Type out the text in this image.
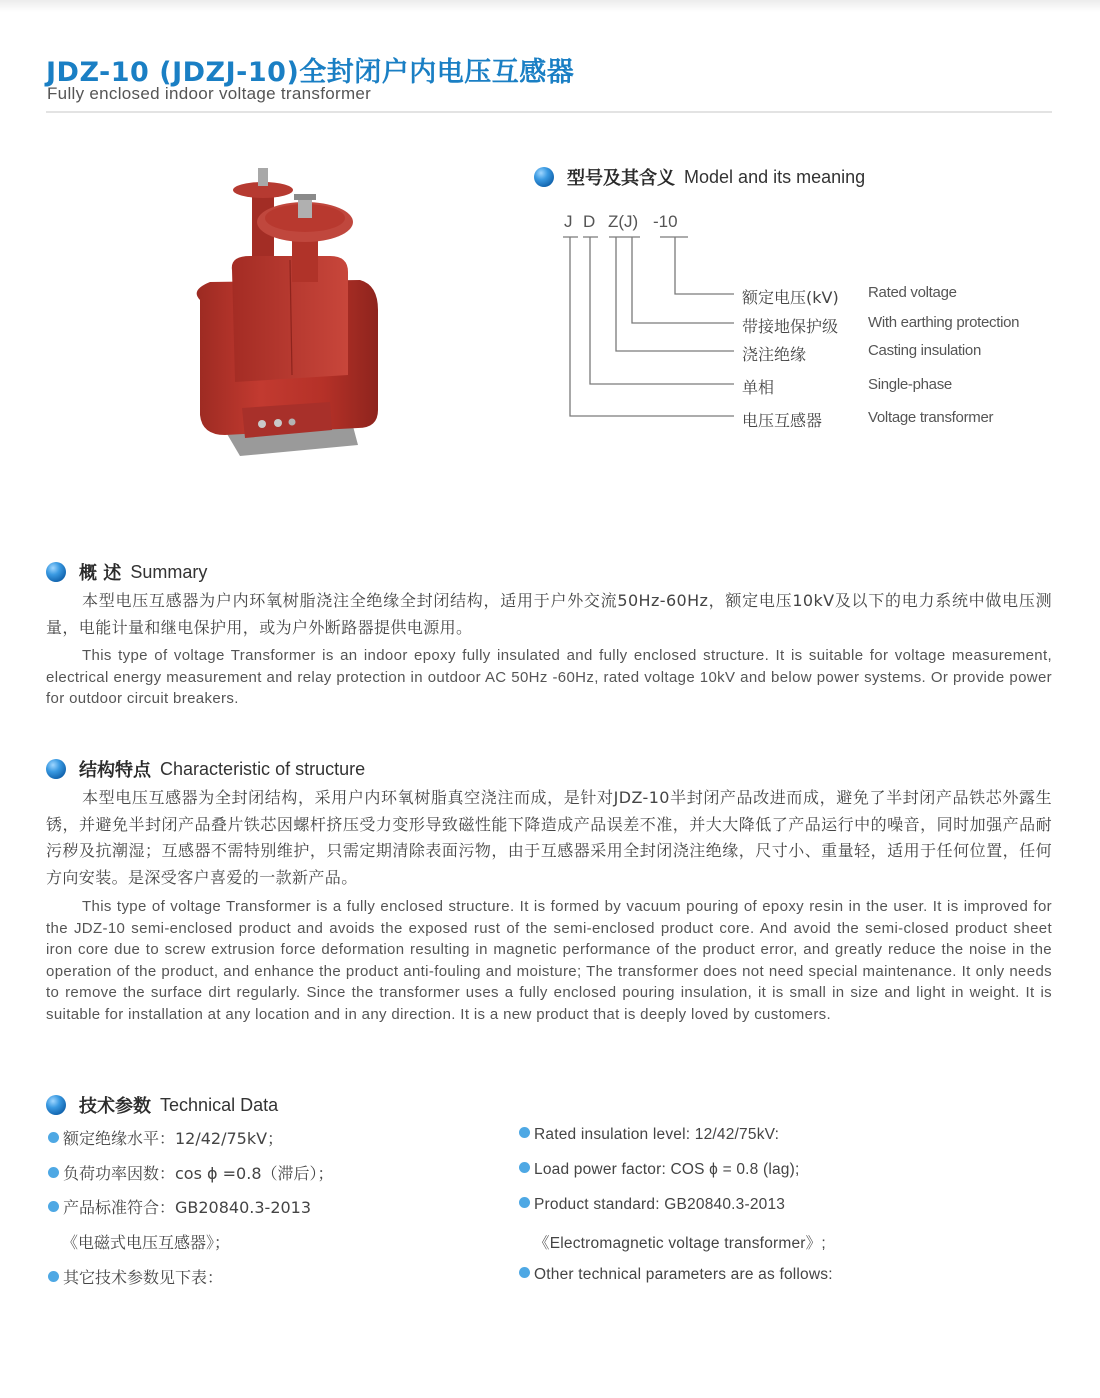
JDZ-10 (JDZJ-10)全封闭户内电压互感器
Fully enclosed indoor voltage transformer
型号及其含义 Model and its meaning
J D Z(J) -10
额定电压(kV) Rated voltage
带接地保护级 With earthing protection
浇注绝缘	Casting insulation
单相	Single-phase
电压互感器	Voltage transformer
概 述 Summary

本型电压互感器为户内环氧树脂浇注全绝缘全封闭结构，适用于户外交流50Hz-60Hz，额定电压10kV及以下的电力系统中做电压测量，电能计量和继电保护用，或为户外断路器提供电源用。

This type of voltage Transformer is an indoor epoxy fully insulated and fully enclosed structure. It is suitable for voltage measurement, electrical energy measurement and relay protection in outdoor AC 50Hz -60Hz, rated voltage 10kV and below power systems. Or provide power for outdoor circuit breakers.

结构特点 Characteristic of structure

本型电压互感器为全封闭结构，采用户内环氧树脂真空浇注而成，是针对JDZ-10半封闭产品改进而成，避免了半封闭产品铁芯外露生锈，并避免半封闭产品叠片铁芯因螺杆挤压受力变形导致磁性能下降造成产品误差不准，并大大降低了产品运行中的噪音，同时加强产品耐污秽及抗潮湿；互感器不需特别维护，只需定期清除表面污物，由于互感器采用全封闭浇注绝缘，尺寸小、重量轻，适用于任何位置，任何方向安装。是深受客户喜爱的一款新产品。

This type of voltage Transformer is a fully enclosed structure. It is formed by vacuum pouring of epoxy resin in the user. It is improved for the JDZ-10 semi-enclosed product and avoids the exposed rust of the semi-enclosed product core. And avoid the semi-closed product sheet iron core due to screw extrusion force deformation resulting in magnetic performance of the product error, and greatly reduce the noise in the operation of the product, and enhance the product anti-fouling and moisture; The transformer does not need special maintenance. It only needs to remove the surface dirt regularly. Since the transformer uses a fully enclosed pouring insulation, it is small in size and light in weight. It is suitable for installation at any location and in any direction. It is a new product that is deeply loved by customers.

技术参数 Technical Data
额定绝缘水平：12/42/75kV；
负荷功率因数：cos ϕ =0.8（滞后）；
产品标准符合：GB20840.3-2013
《电磁式电压互感器》；
其它技术参数见下表：
Rated insulation level: 12/42/75kV:
Load power factor: COS ϕ = 0.8 (lag);
Product standard: GB20840.3-2013
《Electromagnetic voltage transformer》;
Other technical parameters are as follows:
